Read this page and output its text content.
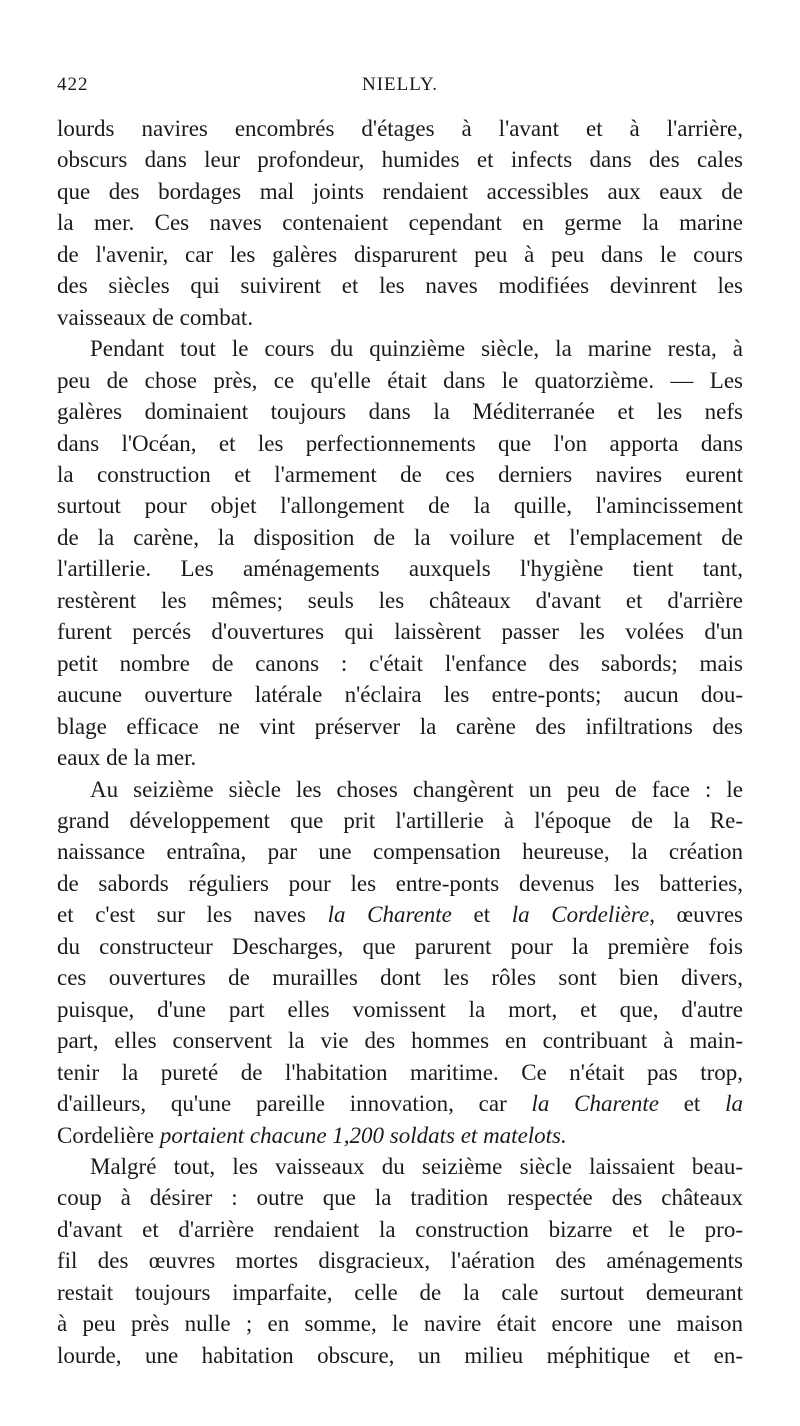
422	NIELLY.
lourds navires encombrés d'étages à l'avant et à l'arrière,
obscurs dans leur profondeur, humides et infects dans des cales
que des bordages mal joints rendaient accessibles aux eaux de
la mer. Ces naves contenaient cependant en germe la marine
de l'avenir, car les galères disparurent peu à peu dans le cours
des siècles qui suivirent et les naves modifiées devinrent les
vaisseaux de combat.
Pendant tout le cours du quinzième siècle, la marine resta, à
peu de chose près, ce qu'elle était dans le quatorzième. — Les
galères dominaient toujours dans la Méditerranée et les nefs
dans l'Océan, et les perfectionnements que l'on apporta dans
la construction et l'armement de ces derniers navires eurent
surtout pour objet l'allongement de la quille, l'amincissement
de la carène, la disposition de la voilure et l'emplacement de
l'artillerie. Les aménagements auxquels l'hygiène tient tant,
restèrent les mêmes; seuls les châteaux d'avant et d'arrière
furent percés d'ouvertures qui laissèrent passer les volées d'un
petit nombre de canons : c'était l'enfance des sabords; mais
aucune ouverture latérale n'éclaira les entre-ponts; aucun dou-
blage efficace ne vint préserver la carène des infiltrations des
eaux de la mer.
Au seizième siècle les choses changèrent un peu de face : le
grand développement que prit l'artillerie à l'époque de la Re-
naissance entraîna, par une compensation heureuse, la création
de sabords réguliers pour les entre-ponts devenus les batteries,
et c'est sur les naves la Charente et la Cordelière, œuvres
du constructeur Descharges, que parurent pour la première fois
ces ouvertures de murailles dont les rôles sont bien divers,
puisque, d'une part elles vomissent la mort, et que, d'autre
part, elles conservent la vie des hommes en contribuant à main-
tenir la pureté de l'habitation maritime. Ce n'était pas trop,
d'ailleurs, qu'une pareille innovation, car la Charente et la
Cordelière portaient chacune 1,200 soldats et matelots.
Malgré tout, les vaisseaux du seizième siècle laissaient beau-
coup à désirer : outre que la tradition respectée des châteaux
d'avant et d'arrière rendaient la construction bizarre et le pro-
fil des œuvres mortes disgracieux, l'aération des aménagements
restait toujours imparfaite, celle de la cale surtout demeurant
à peu près nulle ; en somme, le navire était encore une maison
lourde, une habitation obscure, un milieu méphitique et en-
